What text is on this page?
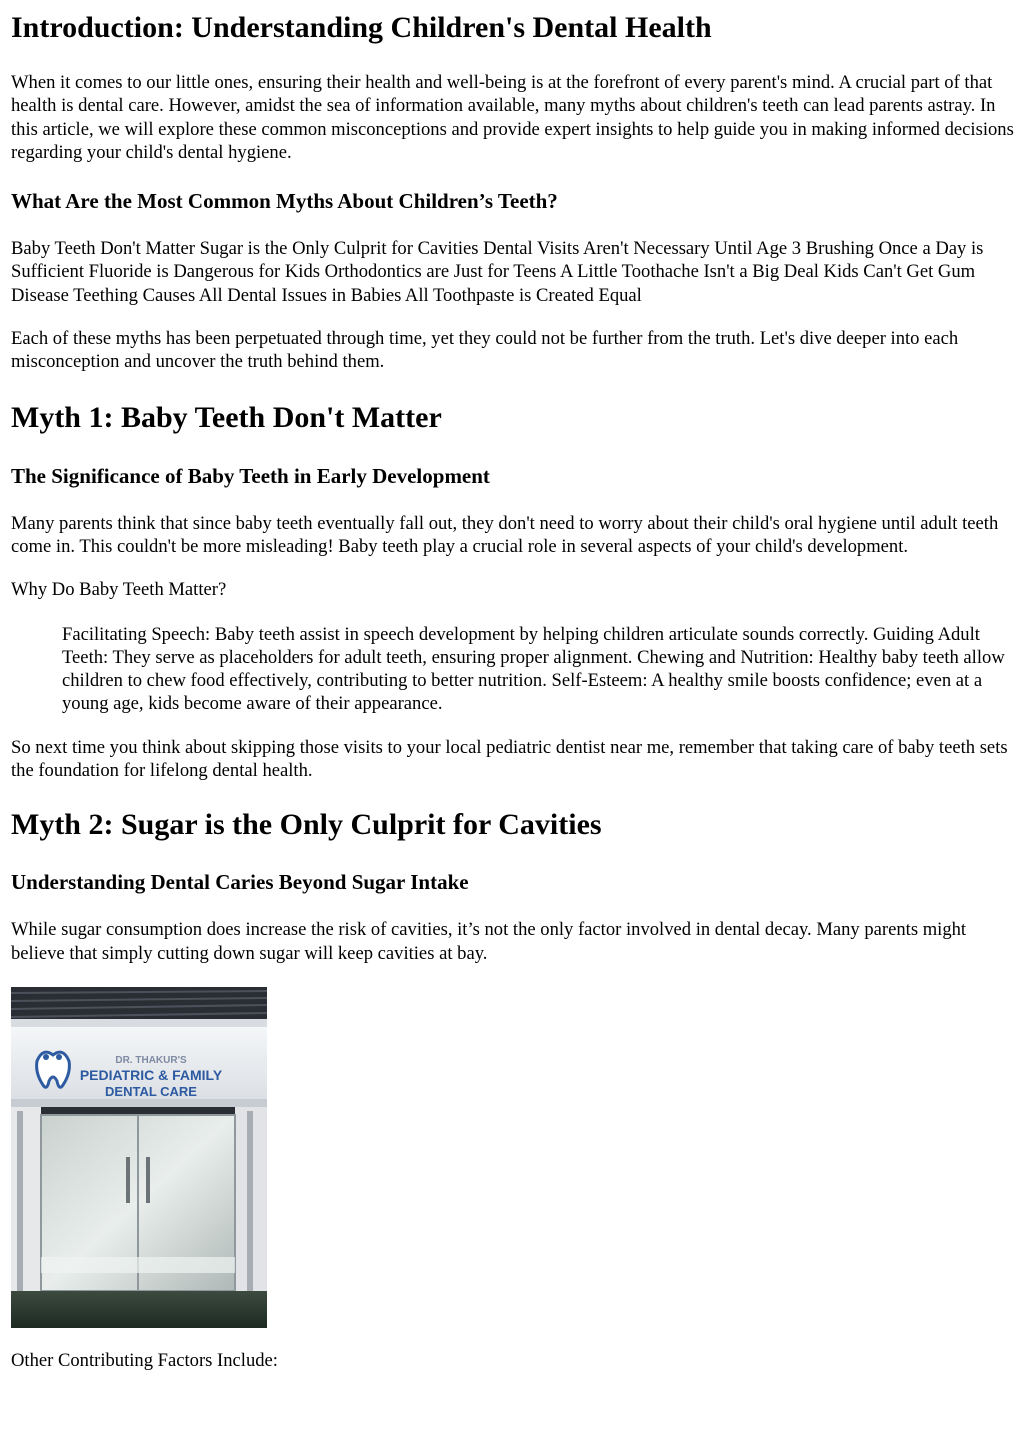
Introduction: Understanding Children's Dental Health

When it comes to our little ones, ensuring their health and well-being is at the forefront of every parent's mind. A crucial part of that health is dental care. However, amidst the sea of information available, many myths about children's teeth can lead parents astray. In this article, we will explore these common misconceptions and provide expert insights to help guide you in making informed decisions regarding your child's dental hygiene.

What Are the Most Common Myths About Children’s Teeth?

Baby Teeth Don't Matter Sugar is the Only Culprit for Cavities Dental Visits Aren't Necessary Until Age 3 Brushing Once a Day is Sufficient Fluoride is Dangerous for Kids Orthodontics are Just for Teens A Little Toothache Isn't a Big Deal Kids Can't Get Gum Disease Teething Causes All Dental Issues in Babies All Toothpaste is Created Equal

Each of these myths has been perpetuated through time, yet they could not be further from the truth. Let's dive deeper into each misconception and uncover the truth behind them.

Myth 1: Baby Teeth Don't Matter
The Significance of Baby Teeth in Early Development

Many parents think that since baby teeth eventually fall out, they don't need to worry about their child's oral hygiene until adult teeth come in. This couldn't be more misleading! Baby teeth play a crucial role in several aspects of your child's development.

Why Do Baby Teeth Matter?

Facilitating Speech: Baby teeth assist in speech development by helping children articulate sounds correctly. Guiding Adult Teeth: They serve as placeholders for adult teeth, ensuring proper alignment. Chewing and Nutrition: Healthy baby teeth allow children to chew food effectively, contributing to better nutrition. Self-Esteem: A healthy smile boosts confidence; even at a young age, kids become aware of their appearance.

So next time you think about skipping those visits to your local pediatric dentist near me, remember that taking care of baby teeth sets the foundation for lifelong dental health.

Myth 2: Sugar is the Only Culprit for Cavities
Understanding Dental Caries Beyond Sugar Intake

While sugar consumption does increase the risk of cavities, it’s not the only factor involved in dental decay. Many parents might believe that simply cutting down sugar will keep cavities at bay.

DR. THAKUR'S
PEDIATRIC & FAMILY
DENTAL CARE

Other Contributing Factors Include:
